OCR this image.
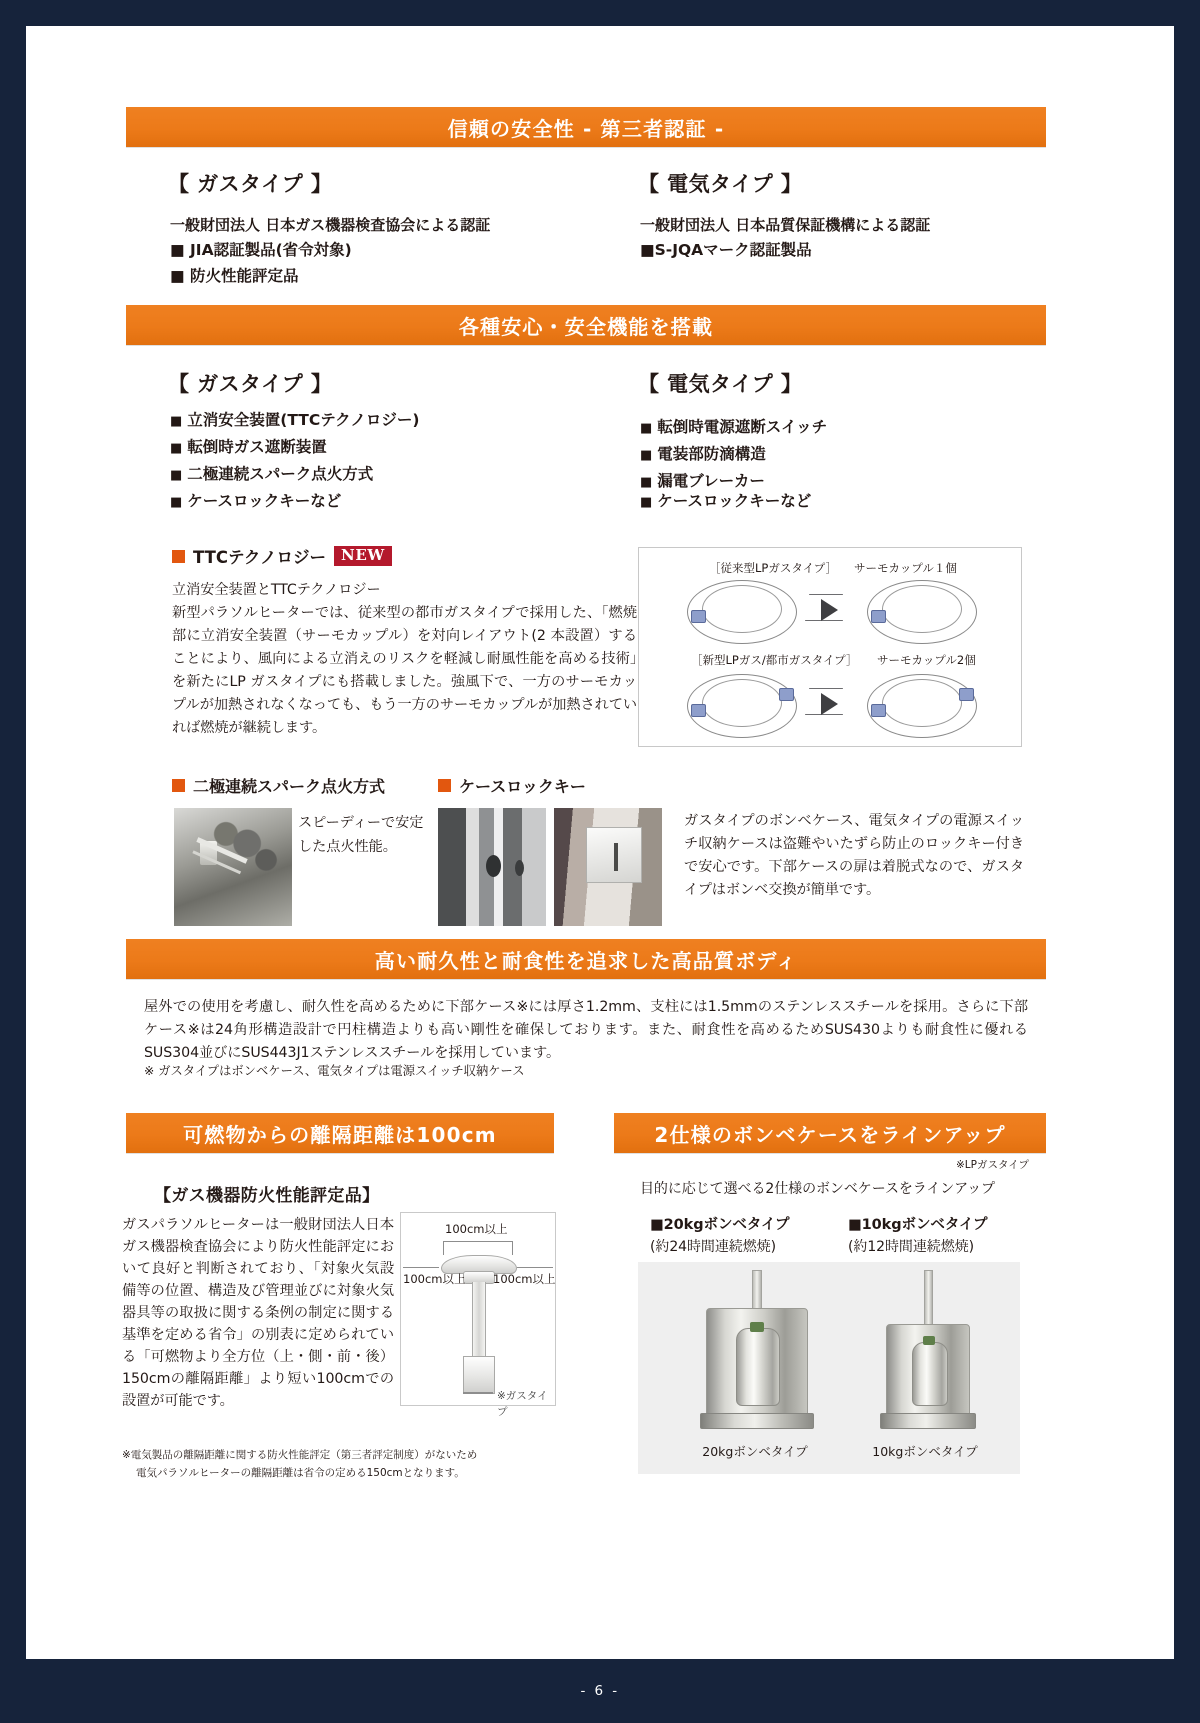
信頼の安全性 - 第三者認証 -
【 ガスタイプ 】
一般財団法人 日本ガス機器検査協会による認証
■ JIA認証製品(省令対象)
■ 防火性能評定品
【 電気タイプ 】
一般財団法人 日本品質保証機構による認証
■S-JQAマーク認証製品
各種安心・安全機能を搭載
【 ガスタイプ 】
■ 立消安全装置(TTCテクノロジー)
■ 転倒時ガス遮断装置
■ 二極連続スパーク点火方式
■ ケースロックキーなど
【 電気タイプ 】
■ 転倒時電源遮断スイッチ
■ 電装部防滴構造
■ 漏電ブレーカー
■ ケースロックキーなど
TTCテクノロジー	NEW
立消安全装置とTTCテクノロジー
新型パラソルヒーターでは、従来型の都市ガスタイプで採用した、「燃焼部に立消安全装置（サーモカップル）を対向レイアウト(2 本設置）することにより、風向による立消えのリスクを軽減し耐風性能を高める技術」を新たにLP ガスタイプにも搭載しました。強風下で、一方のサーモカップルが加熱されなくなっても、もう一方のサーモカップルが加熱されていれば燃焼が継続します。
［従来型LPガスタイプ］ サーモカップル１個
［新型LPガス/都市ガスタイプ］ サーモカップル2個
二極連続スパーク点火方式	ケースロックキー
スピーディーで安定
した点火性能。
ガスタイプのボンベケース、電気タイプの電源スイッチ収納ケースは盗難やいたずら防止のロックキー付きで安心です。下部ケースの扉は着脱式なので、ガスタイプはボンベ交換が簡単です。
高い耐久性と耐食性を追求した高品質ボディ
屋外での使用を考慮し、耐久性を高めるために下部ケース※には厚さ1.2mm、支柱には1.5mmのステンレススチールを採用。さらに下部ケース※は24角形構造設計で円柱構造よりも高い剛性を確保しております。また、耐食性を高めるためSUS430よりも耐食性に優れるSUS304並びにSUS443J1ステンレススチールを採用しています。
※ ガスタイプはボンベケース、電気タイプは電源スイッチ収納ケース
可燃物からの離隔距離は100cm
【ガス機器防火性能評定品】
ガスパラソルヒーターは一般財団法人日本ガス機器検査協会により防火性能評定において良好と判断されており、「対象火気設備等の位置、構造及び管理並びに対象火気器具等の取扱に関する条例の制定に関する基準を定める省令」の別表に定められている「可燃物より全方位（上・側・前・後）150cmの離隔距離」より短い100cmでの設置が可能です。
100cm以上
100cm以上 100cm以上
※ガスタイプ
※電気製品の離隔距離に関する防火性能評定（第三者評定制度）がないため
電気パラソルヒーターの離隔距離は省令の定める150cmとなります。
2仕様のボンベケースをラインアップ
※LPガスタイプ
目的に応じて選べる2仕様のボンベケースをラインアップ
■20kgボンベタイプ
(約24時間連続燃焼)
■10kgボンベタイプ
(約12時間連続燃焼)
20kgボンベタイプ	10kgボンベタイプ
- 6 -
